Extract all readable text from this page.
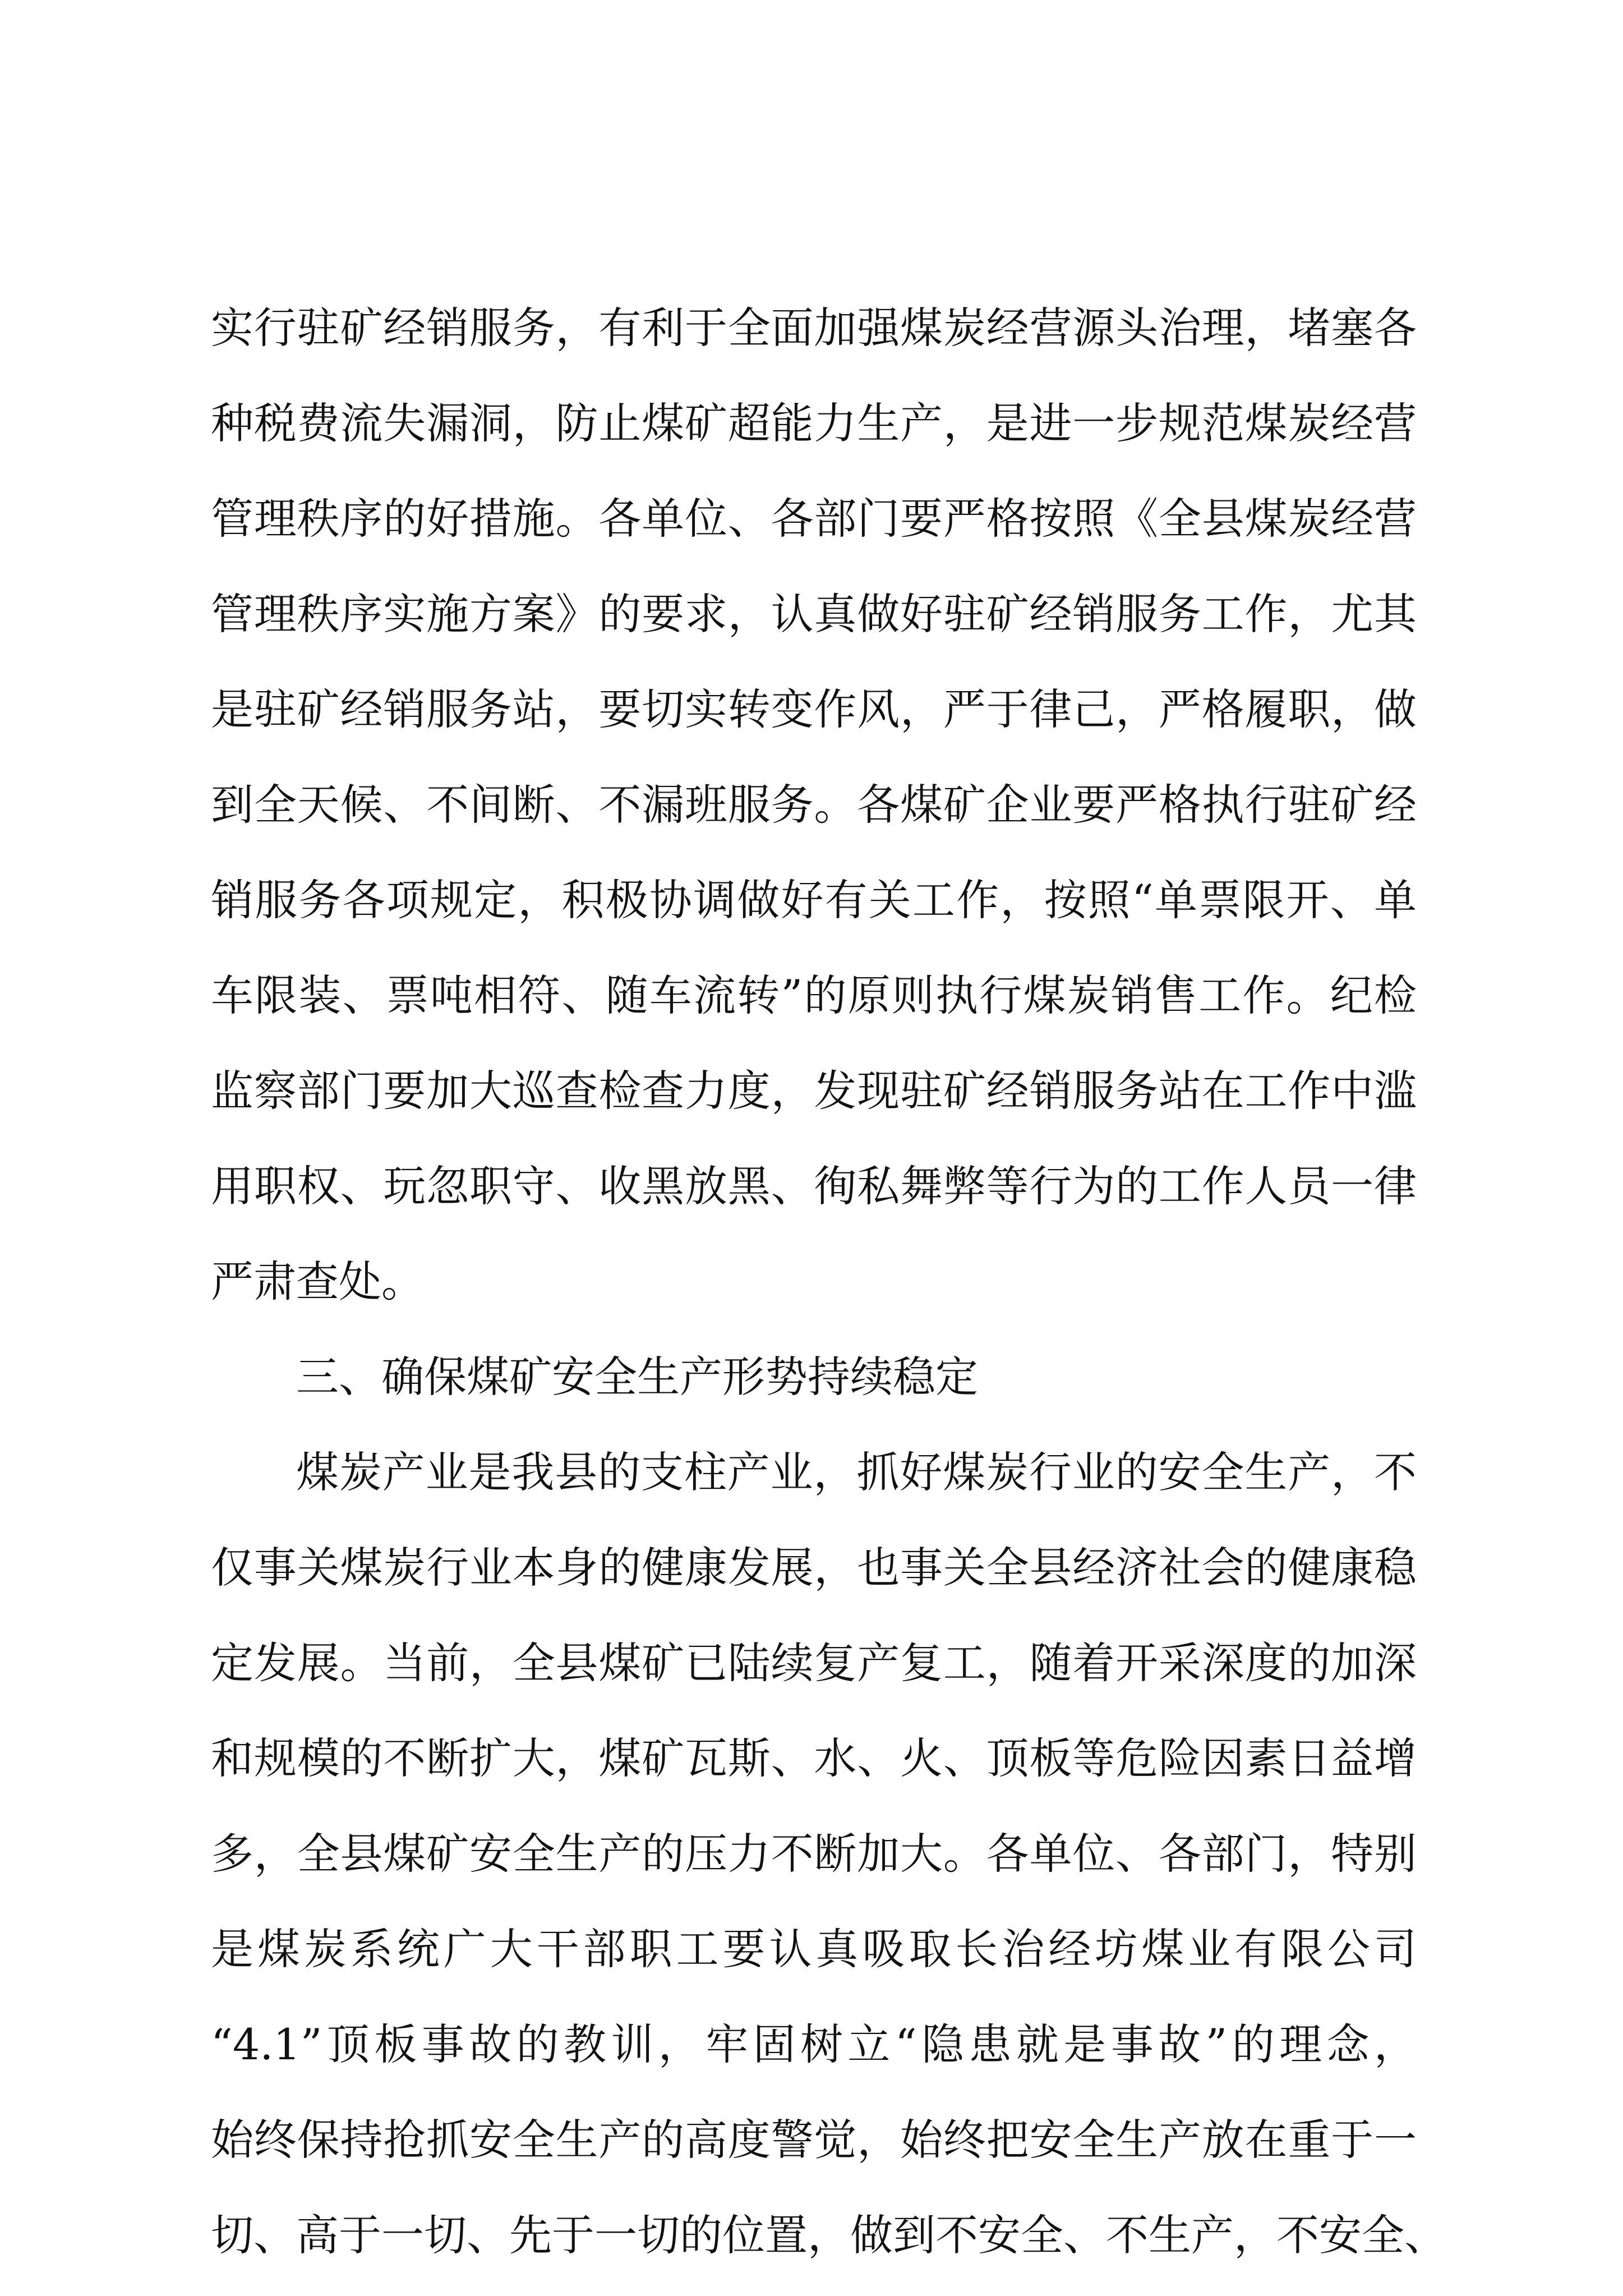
实行驻矿经销服务，有利于全面加强煤炭经营源头治理，堵塞各
种税费流失漏洞，防止煤矿超能力生产，是进一步规范煤炭经营
管理秩序的好措施。各单位、各部门要严格按照《全县煤炭经营
管理秩序实施方案》的要求，认真做好驻矿经销服务工作，尤其
是驻矿经销服务站，要切实转变作风，严于律己，严格履职，做
到全天候、不间断、不漏班服务。各煤矿企业要严格执行驻矿经
销服务各项规定，积极协调做好有关工作，按照“单票限开、单
车限装、票吨相符、随车流转”的原则执行煤炭销售工作。纪检
监察部门要加大巡查检查力度，发现驻矿经销服务站在工作中滥
用职权、玩忽职守、收黑放黑、徇私舞弊等行为的工作人员一律
严肃查处。
三、确保煤矿安全生产形势持续稳定
煤炭产业是我县的支柱产业，抓好煤炭行业的安全生产，不
仅事关煤炭行业本身的健康发展，也事关全县经济社会的健康稳
定发展。当前，全县煤矿已陆续复产复工，随着开采深度的加深
和规模的不断扩大，煤矿瓦斯、水、火、顶板等危险因素日益增
多，全县煤矿安全生产的压力不断加大。各单位、各部门，特别
是煤炭系统广大干部职工要认真吸取长治经坊煤业有限公司
“4.1”顶板事故的教训，牢固树立“隐患就是事故”的理念，
始终保持抢抓安全生产的高度警觉，始终把安全生产放在重于一
切、高于一切、先于一切的位置，做到不安全、不生产，不安全、
